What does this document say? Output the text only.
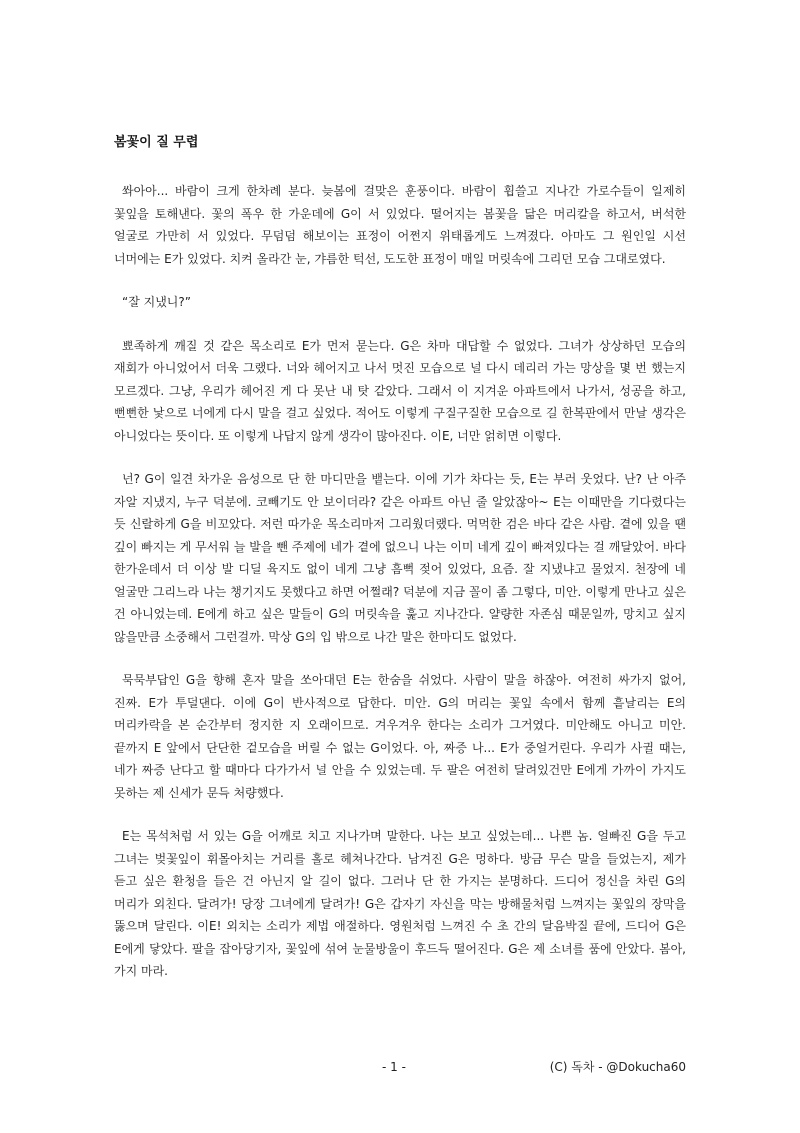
봄꽃이 질 무렵

쏴아아... 바람이 크게 한차례 분다. 늦봄에 걸맞은 훈풍이다. 바람이 휩쓸고 지나간 가로수들이 일제히 꽃잎을 토해낸다. 꽃의 폭우 한 가운데에 G이 서 있었다. 떨어지는 봄꽃을 닮은 머리칼을 하고서, 버석한 얼굴로 가만히 서 있었다. 무덤덤 해보이는 표정이 어쩐지 위태롭게도 느껴졌다. 아마도 그 원인일 시선 너머에는 E가 있었다. 치켜 올라간 눈, 갸름한 턱선, 도도한 표정이 매일 머릿속에 그리던 모습 그대로였다.

“잘 지냈니?”

뾰족하게 깨질 것 같은 목소리로 E가 먼저 묻는다. G은 차마 대답할 수 없었다. 그녀가 상상하던 모습의 재회가 아니었어서 더욱 그랬다. 너와 헤어지고 나서 멋진 모습으로 널 다시 데리러 가는 망상을 몇 번 했는지 모르겠다. 그냥, 우리가 헤어진 게 다 못난 내 탓 같았다. 그래서 이 지겨운 아파트에서 나가서, 성공을 하고, 뻔뻔한 낯으로 너에게 다시 말을 걸고 싶었다. 적어도 이렇게 구질구질한 모습으로 길 한복판에서 만날 생각은 아니었다는 뜻이다. 또 이렇게 나답지 않게 생각이 많아진다. 이E, 너만 얽히면 이렇다.

넌? G이 일견 차가운 음성으로 단 한 마디만을 뱉는다. 이에 기가 차다는 듯, E는 부러 웃었다. 난? 난 아주 자알 지냈지, 누구 덕분에. 코빼기도 안 보이더라? 같은 아파트 아닌 줄 알았잖아~ E는 이때만을 기다렸다는 듯 신랄하게 G을 비꼬았다. 저런 따가운 목소리마저 그리웠더랬다. 먹먹한 검은 바다 같은 사람. 곁에 있을 땐 깊이 빠지는 게 무서워 늘 발을 뺀 주제에 네가 곁에 없으니 나는 이미 네게 깊이 빠져있다는 걸 깨달았어. 바다 한가운데서 더 이상 발 디딜 육지도 없이 네게 그냥 흠뻑 젖어 있었다, 요즘. 잘 지냈냐고 물었지. 천장에 네 얼굴만 그리느라 나는 챙기지도 못했다고 하면 어쩔래? 덕분에 지금 꼴이 좀 그렇다, 미안. 이렇게 만나고 싶은 건 아니었는데. E에게 하고 싶은 말들이 G의 머릿속을 훑고 지나간다. 얄량한 자존심 때문일까, 망치고 싶지 않을만큼 소중해서 그런걸까. 막상 G의 입 밖으로 나간 말은 한마디도 없었다.

묵묵부답인 G을 향해 혼자 말을 쏘아대던 E는 한숨을 쉬었다. 사람이 말을 하잖아. 여전히 싸가지 없어, 진짜. E가 투덜댄다. 이에 G이 반사적으로 답한다. 미안. G의 머리는 꽃잎 속에서 함께 흩날리는 E의 머리카락을 본 순간부터 정지한 지 오래이므로. 겨우겨우 한다는 소리가 그거였다. 미안해도 아니고 미안. 끝까지 E 앞에서 단단한 겉모습을 버릴 수 없는 G이었다. 아, 짜증 나... E가 중얼거린다. 우리가 사귈 때는, 네가 짜증 난다고 할 때마다 다가가서 널 안을 수 있었는데. 두 팔은 여전히 달려있건만 E에게 가까이 가지도 못하는 제 신세가 문득 처량했다.

E는 목석처럼 서 있는 G을 어깨로 치고 지나가며 말한다. 나는 보고 싶었는데... 나쁜 놈. 얼빠진 G을 두고 그녀는 벚꽃잎이 휘몰아치는 거리를 홀로 헤쳐나간다. 남겨진 G은 멍하다. 방금 무슨 말을 들었는지, 제가 듣고 싶은 환청을 들은 건 아닌지 알 길이 없다. 그러나 단 한 가지는 분명하다. 드디어 정신을 차린 G의 머리가 외친다. 달려가! 당장 그녀에게 달려가! G은 갑자기 자신을 막는 방해물처럼 느껴지는 꽃잎의 장막을 뚫으며 달린다. 이E! 외치는 소리가 제법 애절하다. 영원처럼 느껴진 수 초 간의 달음박질 끝에, 드디어 G은 E에게 닿았다. 팔을 잡아당기자, 꽃잎에 섞여 눈물방울이 후드득 떨어진다. G은 제 소녀를 품에 안았다. 봄아, 가지 마라.

- 1 -	(C) 독차 - @Dokucha60
